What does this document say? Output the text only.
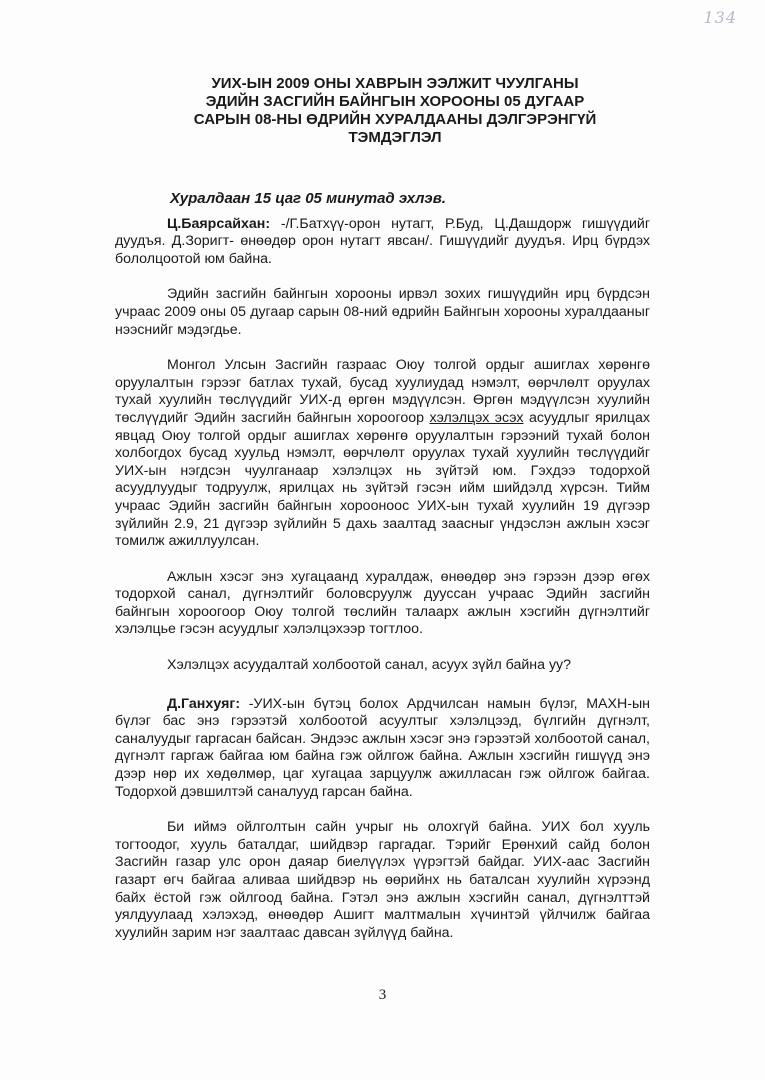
134
УИХ-ЫН 2009 ОНЫ ХАВРЫН ЭЭЛЖИТ ЧУУЛГАНЫ
ЭДИЙН ЗАСГИЙН БАЙНГЫН ХОРООНЫ 05 ДУГААР
САРЫН 08-НЫ ӨДРИЙН ХУРАЛДААНЫ ДЭЛГЭРЭНГҮЙ
ТЭМДЭГЛЭЛ

Хуралдаан 15 цаг 05 минутад эхлэв.

Ц.Баярсайхан: -/Г.Батхүү-орон нутагт, Р.Буд, Ц.Дашдорж гишүүдийг дуудъя. Д.Зоригт- өнөөдөр орон нутагт явсан/. Гишүүдийг дуудъя. Ирц бүрдэх бололцоотой юм байна.

Эдийн засгийн байнгын хорооны ирвэл зохих гишүүдийн ирц бүрдсэн учраас 2009 оны 05 дугаар сарын 08-ний өдрийн Байнгын хорооны хуралдааныг нээснийг мэдэгдье.

Монгол Улсын Засгийн газраас Оюу толгой ордыг ашиглах хөрөнгө оруулалтын гэрээг батлах тухай, бусад хуулиудад нэмэлт, өөрчлөлт оруулах тухай хуулийн төслүүдийг УИХ-д өргөн мэдүүлсэн. Өргөн мэдүүлсэн хуулийн төслүүдийг Эдийн засгийн байнгын хороогоор хэлэлцэх эсэх асуудлыг ярилцах явцад Оюу толгой ордыг ашиглах хөрөнгө оруулалтын гэрээний тухай болон холбогдох бусад хуульд нэмэлт, өөрчлөлт оруулах тухай хуулийн төслүүдийг УИХ-ын нэгдсэн чуулганаар хэлэлцэх нь зүйтэй юм. Гэхдээ тодорхой асуудлуудыг тодруулж, ярилцах нь зүйтэй гэсэн ийм шийдэлд хүрсэн. Тийм учраас Эдийн засгийн байнгын хорооноос УИХ-ын тухай хуулийн 19 дүгээр зүйлийн 2.9, 21 дүгээр зүйлийн 5 дахь заалтад заасныг үндэслэн ажлын хэсэг томилж ажиллуулсан.

Ажлын хэсэг энэ хугацаанд хуралдаж, өнөөдөр энэ гэрээн дээр өгөх тодорхой санал, дүгнэлтийг боловсруулж дууссан учраас Эдийн засгийн байнгын хороогоор Оюу толгой төслийн талаарх ажлын хэсгийн дүгнэлтийг хэлэлцье гэсэн асуудлыг хэлэлцэхээр тогтлоо.

Хэлэлцэх асуудалтай холбоотой санал, асуух зүйл байна уу?

Д.Ганхуяг: -УИХ-ын бүтэц болох Ардчилсан намын бүлэг, МАХН-ын бүлэг бас энэ гэрээтэй холбоотой асуултыг хэлэлцээд, бүлгийн дүгнэлт, саналуудыг гаргасан байсан. Эндээс ажлын хэсэг энэ гэрээтэй холбоотой санал, дүгнэлт гаргаж байгаа юм байна гэж ойлгож байна. Ажлын хэсгийн гишүүд энэ дээр нөр их хөдөлмөр, цаг хугацаа зарцуулж ажилласан гэж ойлгож байгаа. Тодорхой дэвшилтэй саналууд гарсан байна.

Би иймэ ойлголтын сайн учрыг нь олохгүй байна. УИХ бол хууль тогтоодог, хууль баталдаг, шийдвэр гаргадаг. Тэрийг Ерөнхий сайд болон Засгийн газар улс орон даяар биелүүлэх үүрэгтэй байдаг. УИХ-аас Засгийн газарт өгч байгаа аливаа шийдвэр нь өөрийнх нь баталсан хуулийн хүрээнд байх ёстой гэж ойлгоод байна. Гэтэл энэ ажлын хэсгийн санал, дүгнэлттэй уялдуулаад хэлэхэд, өнөөдөр Ашигт малтмалын хүчинтэй үйлчилж байгаа хуулийн зарим нэг заалтаас давсан зүйлүүд байна.

3
